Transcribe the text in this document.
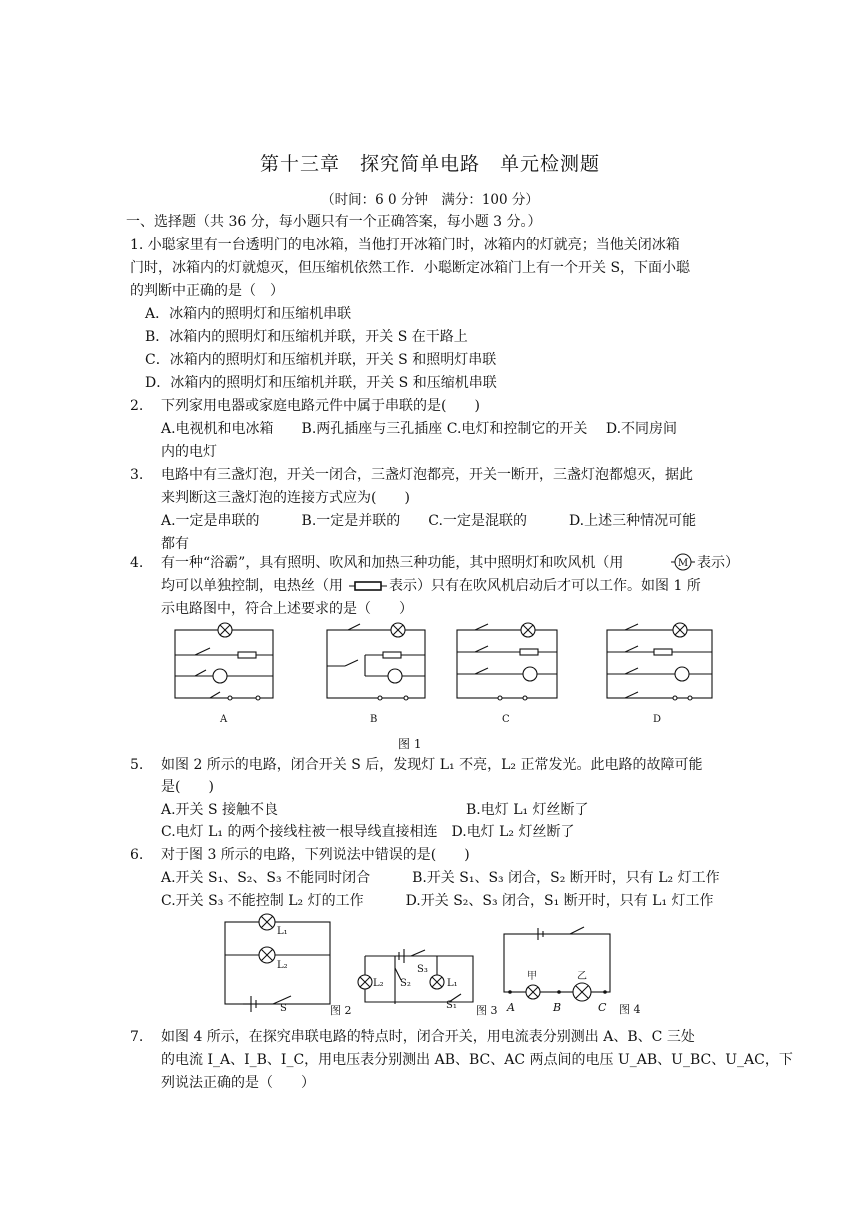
第十三章　探究简单电路　单元检测题
（时间：6 0 分钟　满分：100 分）
一、选择题（共 36 分，每小题只有一个正确答案，每小题 3 分。）
1. 小聪家里有一台透明门的电冰箱，当他打开冰箱门时，冰箱内的灯就亮；当他关闭冰箱
门时，冰箱内的灯就熄灭，但压缩机依然工作．小聪断定冰箱门上有一个开关 S，下面小聪
的判断中正确的是（　）
A．冰箱内的照明灯和压缩机串联
B．冰箱内的照明灯和压缩机并联，开关 S 在干路上
C．冰箱内的照明灯和压缩机并联，开关 S 和照明灯串联
D．冰箱内的照明灯和压缩机并联，开关 S 和压缩机串联
2.	下列家用电器或家庭电路元件中属于串联的是(　　)
A.电视机和电冰箱　　B.两孔插座与三孔插座 C.电灯和控制它的开关　 D.不同房间
内的电灯
3.	电路中有三盏灯泡，开关一闭合，三盏灯泡都亮，开关一断开，三盏灯泡都熄灭，据此
来判断这三盏灯泡的连接方式应为(　　)
A.一定是串联的　　　B.一定是并联的　　C.一定是混联的　　　D.上述三种情况可能
都有
4.	有一种“浴霸”，具有照明、吹风和加热三种功能，其中照明灯和吹风机（用	M 表示）
均可以单独控制，电热丝（用	表示）只有在吹风机启动后才可以工作。如图 1 所
示电路图中，符合上述要求的是（　　）
A	B	C	D
图 1
5.	如图 2 所示的电路，闭合开关 S 后，发现灯 L₁ 不亮，L₂ 正常发光。此电路的故障可能
是(　　)
A.开关 S 接触不良	B.电灯 L₁ 灯丝断了
C.电灯 L₁ 的两个接线柱被一根导线直接相连　D.电灯 L₂ 灯丝断了
6.	对于图 3 所示的电路，下列说法中错误的是(　　)
A.开关 S₁、S₂、S₃ 不能同时闭合　　　B.开关 S₁、S₃ 闭合，S₂ 断开时，只有 L₂ 灯工作
C.开关 S₃ 不能控制 L₂ 灯的工作　　　D.开关 S₂、S₃ 闭合，S₁ 断开时，只有 L₁ 灯工作
L₁
L₂
S	图 2
S₃
L₂ S₂	L₁
S₁ 图 3
甲	乙
A	B	C 图 4
7.	如图 4 所示，在探究串联电路的特点时，闭合开关，用电流表分别测出 A、B、C 三处
的电流 I_A、I_B、I_C，用电压表分别测出 AB、BC、AC 两点间的电压 U_AB、U_BC、U_AC，下
列说法正确的是（　　）
